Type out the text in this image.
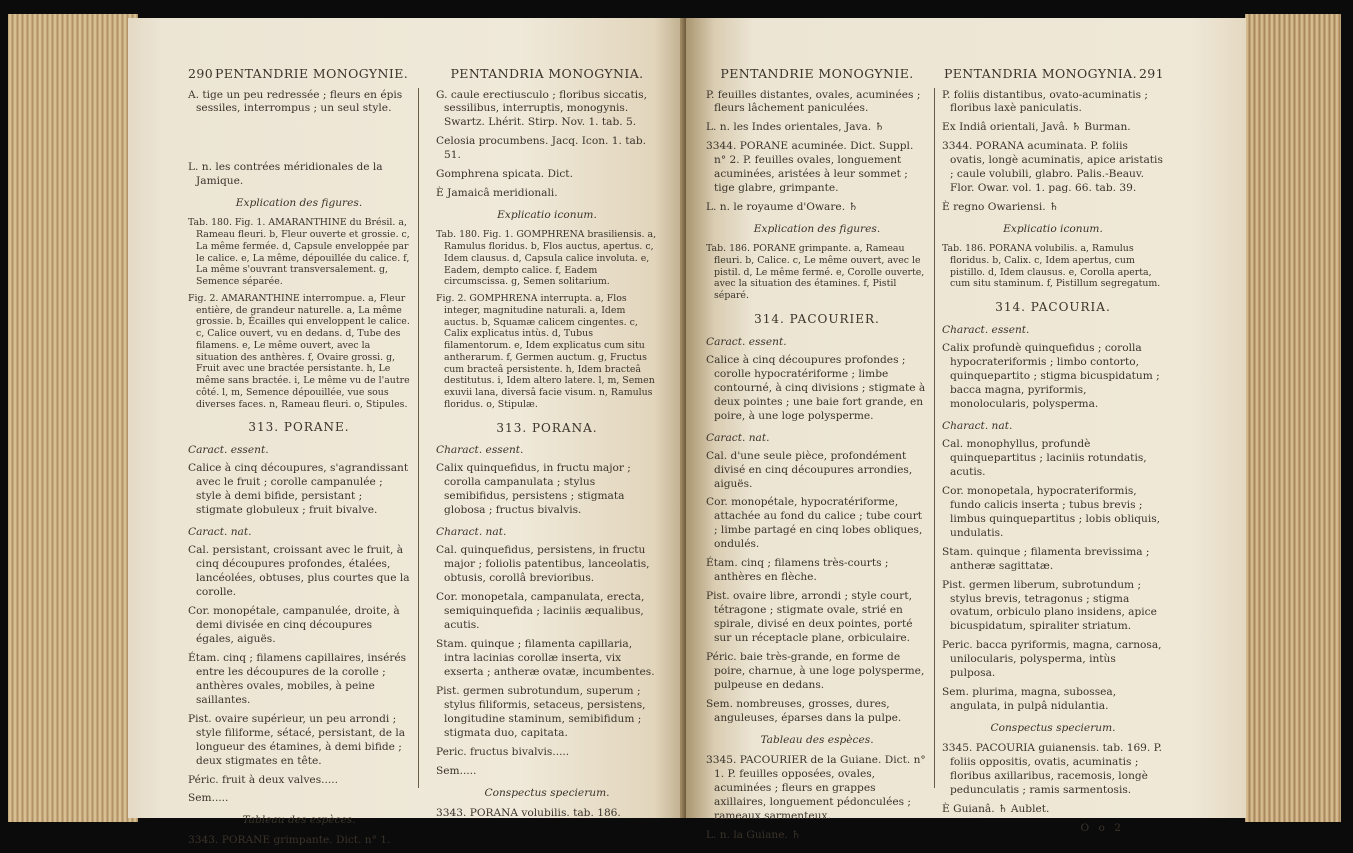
290 PENTANDRIE MONOGYNIE.

A. tige un peu redressée ; fleurs en épis sessiles, interrompus ; un seul style.

L. n. les contrées méridionales de la Jamique.

Explication des figures.

Tab. 180. Fig. 1. AMARANTHINE du Brésil. a, Rameau fleuri. b, Fleur ouverte et grossie. c, La même fermée. d, Capsule enveloppée par le calice. e, La même, dépouillée du calice. f, La même s'ouvrant transversalement. g, Semence séparée.

Fig. 2. AMARANTHINE interrompue. a, Fleur entière, de grandeur naturelle. a, La même grossie. b, Écailles qui enveloppent le calice. c, Calice ouvert, vu en dedans. d, Tube des filamens. e, Le même ouvert, avec la situation des anthères. f, Ovaire grossi. g, Fruit avec une bractée persistante. h, Le même sans bractée. i, Le même vu de l'autre côté. l, m, Semence dépouillée, vue sous diverses faces. n, Rameau fleuri. o, Stipules.

313. PORANE.
Caract. essent.

Calice à cinq découpures, s'agrandissant avec le fruit ; corolle campanulée ; style à demi bifide, persistant ; stigmate globuleux ; fruit bivalve.

Caract. nat.

Cal. persistant, croissant avec le fruit, à cinq découpures profondes, étalées, lancéolées, obtuses, plus courtes que la corolle.

Cor. monopétale, campanulée, droite, à demi divisée en cinq découpures égales, aiguës.

Étam. cinq ; filamens capillaires, insérés entre les découpures de la corolle ; anthères ovales, mobiles, à peine saillantes.

Pist. ovaire supérieur, un peu arrondi ; style filiforme, sétacé, persistant, de la longueur des étamines, à demi bifide ; deux stigmates en tête.

Péric. fruit à deux valves.....

Sem.....

Tableau des espèces.

3343. PORANE grimpante. Dict. n° 1.

PENTANDRIA MONOGYNIA.

G. caule erectiusculo ; floribus siccatis, sessilibus, interruptis, monogynis. Swartz. Lhérit. Stirp. Nov. 1. tab. 5.

Celosia procumbens. Jacq. Icon. 1. tab. 51.

Gomphrena spicata. Dict.

È Jamaicâ meridionali.

Explicatio iconum.

Tab. 180. Fig. 1. GOMPHRENA brasiliensis. a, Ramulus floridus. b, Flos auctus, apertus. c, Idem clausus. d, Capsula calice involuta. e, Eadem, dempto calice. f, Eadem circumscissa. g, Semen solitarium.

Fig. 2. GOMPHRENA interrupta. a, Flos integer, magnitudine naturali. a, Idem auctus. b, Squamæ calicem cingentes. c, Calix explicatus intùs. d, Tubus filamentorum. e, Idem explicatus cum situ antherarum. f, Germen auctum. g, Fructus cum bracteâ persistente. h, Idem bracteâ destitutus. i, Idem altero latere. l, m, Semen exuvii lana, diversâ facie visum. n, Ramulus floridus. o, Stipulæ.

313. PORANA.
Charact. essent.

Calix quinquefidus, in fructu major ; corolla campanulata ; stylus semibifidus, persistens ; stigmata globosa ; fructus bivalvis.

Charact. nat.

Cal. quinquefidus, persistens, in fructu major ; foliolis patentibus, lanceolatis, obtusis, corollâ brevioribus.

Cor. monopetala, campanulata, erecta, semiquinquefida ; laciniis æqualibus, acutis.

Stam. quinque ; filamenta capillaria, intra lacinias corollæ inserta, vix exserta ; antheræ ovatæ, incumbentes.

Pist. germen subrotundum, superum ; stylus filiformis, setaceus, persistens, longitudine staminum, semibifidum ; stigmata duo, capitata.

Peric. fructus bivalvis.....

Sem.....

Conspectus specierum.

3343. PORANA volubilis. tab. 186.

PENTANDRIE MONOGYNIE.

P. feuilles distantes, ovales, acuminées ; fleurs lâchement paniculées.

L. n. les Indes orientales, Java. ♄

3344. PORANE acuminée. Dict. Suppl. n° 2. P. feuilles ovales, longuement acuminées, aristées à leur sommet ; tige glabre, grimpante.

L. n. le royaume d'Oware. ♄

Explication des figures.

Tab. 186. PORANE grimpante. a, Rameau fleuri. b, Calice. c, Le même ouvert, avec le pistil. d, Le même fermé. e, Corolle ouverte, avec la situation des étamines. f, Pistil séparé.

314. PACOURIER.
Caract. essent.

Calice à cinq découpures profondes ; corolle hypocratériforme ; limbe contourné, à cinq divisions ; stigmate à deux pointes ; une baie fort grande, en poire, à une loge polysperme.

Caract. nat.

Cal. d'une seule pièce, profondément divisé en cinq découpures arrondies, aiguës.

Cor. monopétale, hypocratériforme, attachée au fond du calice ; tube court ; limbe partagé en cinq lobes obliques, ondulés.

Étam. cinq ; filamens très-courts ; anthères en flèche.

Pist. ovaire libre, arrondi ; style court, tétragone ; stigmate ovale, strié en spirale, divisé en deux pointes, porté sur un réceptacle plane, orbiculaire.

Péric. baie très-grande, en forme de poire, charnue, à une loge polysperme, pulpeuse en dedans.

Sem. nombreuses, grosses, dures, anguleuses, éparses dans la pulpe.

Tableau des espèces.

3345. PACOURIER de la Guiane. Dict. n° 1. P. feuilles opposées, ovales, acuminées ; fleurs en grappes axillaires, longuement pédonculées ; rameaux sarmenteux.

L. n. la Guiane. ♄

PENTANDRIA MONOGYNIA. 291

P. foliis distantibus, ovato-acuminatis ; floribus laxè paniculatis.

Ex Indiâ orientali, Javâ. ♄ Burman.

3344. PORANA acuminata. P. foliis ovatis, longè acuminatis, apice aristatis ; caule volubili, glabro. Palis.-Beauv. Flor. Owar. vol. 1. pag. 66. tab. 39.

È regno Owariensi. ♄

Explicatio iconum.

Tab. 186. PORANA volubilis. a, Ramulus floridus. b, Calix. c, Idem apertus, cum pistillo. d, Idem clausus. e, Corolla aperta, cum situ staminum. f, Pistillum segregatum.

314. PACOURIA.
Charact. essent.

Calix profundè quinquefidus ; corolla hypocrateriformis ; limbo contorto, quinquepartito ; stigma bicuspidatum ; bacca magna, pyriformis, monolocularis, polysperma.

Charact. nat.

Cal. monophyllus, profundè quinquepartitus ; laciniis rotundatis, acutis.

Cor. monopetala, hypocrateriformis, fundo calicis inserta ; tubus brevis ; limbus quinquepartitus ; lobis obliquis, undulatis.

Stam. quinque ; filamenta brevissima ; antheræ sagittatæ.

Pist. germen liberum, subrotundum ; stylus brevis, tetragonus ; stigma ovatum, orbiculo plano insidens, apice bicuspidatum, spiraliter striatum.

Peric. bacca pyriformis, magna, carnosa, unilocularis, polysperma, intùs pulposa.

Sem. plurima, magna, subossea, angulata, in pulpâ nidulantia.

Conspectus specierum.

3345. PACOURIA guianensis. tab. 169. P. foliis oppositis, ovatis, acuminatis ; floribus axillaribus, racemosis, longè pedunculatis ; ramis sarmentosis.

È Guianâ. ♄ Aublet.

O o 2
